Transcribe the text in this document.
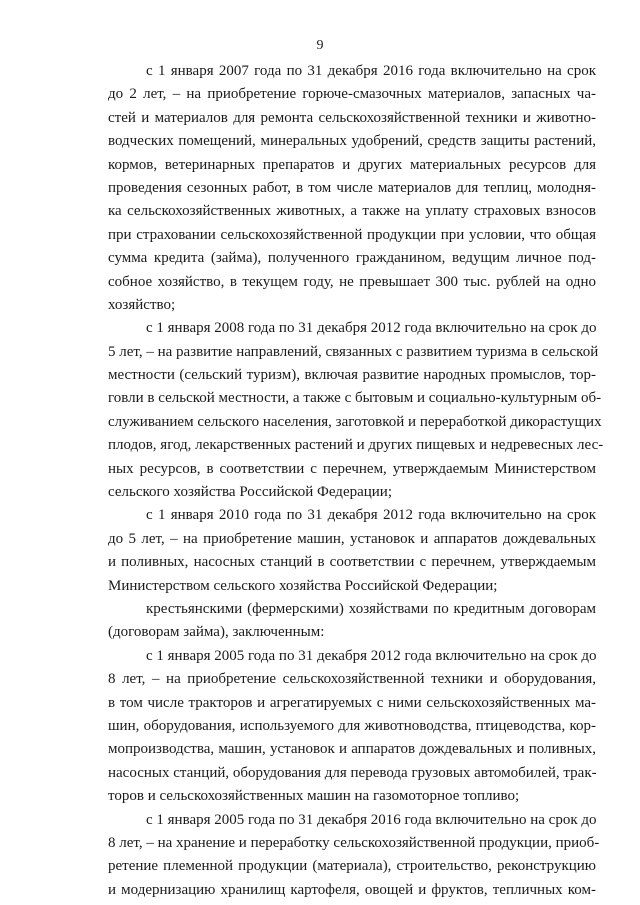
9

с 1 января 2007 года по 31 декабря 2016 года включительно на срок
до 2 лет, – на приобретение горюче-смазочных материалов, запасных ча-
стей и материалов для ремонта сельскохозяйственной техники и животно-
водческих помещений, минеральных удобрений, средств защиты растений,
кормов, ветеринарных препаратов и других материальных ресурсов для
проведения сезонных работ, в том числе материалов для теплиц, молодня-
ка сельскохозяйственных животных, а также на уплату страховых взносов
при страховании сельскохозяйственной продукции при условии, что общая
сумма кредита (займа), полученного гражданином, ведущим личное под-
собное хозяйство, в текущем году, не превышает 300 тыс. рублей на одно
хозяйство;

с 1 января 2008 года по 31 декабря 2012 года включительно на срок до
5 лет, – на развитие направлений, связанных с развитием туризма в сельской
местности (сельский туризм), включая развитие народных промыслов, тор-
говли в сельской местности, а также с бытовым и социально-культурным об-
служиванием сельского населения, заготовкой и переработкой дикорастущих
плодов, ягод, лекарственных растений и других пищевых и недревесных лес-
ных ресурсов, в соответствии с перечнем, утверждаемым Министерством
сельского хозяйства Российской Федерации;

с 1 января 2010 года по 31 декабря 2012 года включительно на срок
до 5 лет, – на приобретение машин, установок и аппаратов дождевальных
и поливных, насосных станций в соответствии с перечнем, утверждаемым
Министерством сельского хозяйства Российской Федерации;

крестьянскими (фермерскими) хозяйствами по кредитным договорам
(договорам займа), заключенным:

с 1 января 2005 года по 31 декабря 2012 года включительно на срок до
8 лет, – на приобретение сельскохозяйственной техники и оборудования,
в том числе тракторов и агрегатируемых с ними сельскохозяйственных ма-
шин, оборудования, используемого для животноводства, птицеводства, кор-
мопроизводства, машин, установок и аппаратов дождевальных и поливных,
насосных станций, оборудования для перевода грузовых автомобилей, трак-
торов и сельскохозяйственных машин на газомоторное топливо;

с 1 января 2005 года по 31 декабря 2016 года включительно на срок до
8 лет, – на хранение и переработку сельскохозяйственной продукции, приоб-
ретение племенной продукции (материала), строительство, реконструкцию
и модернизацию хранилищ картофеля, овощей и фруктов, тепличных ком-
